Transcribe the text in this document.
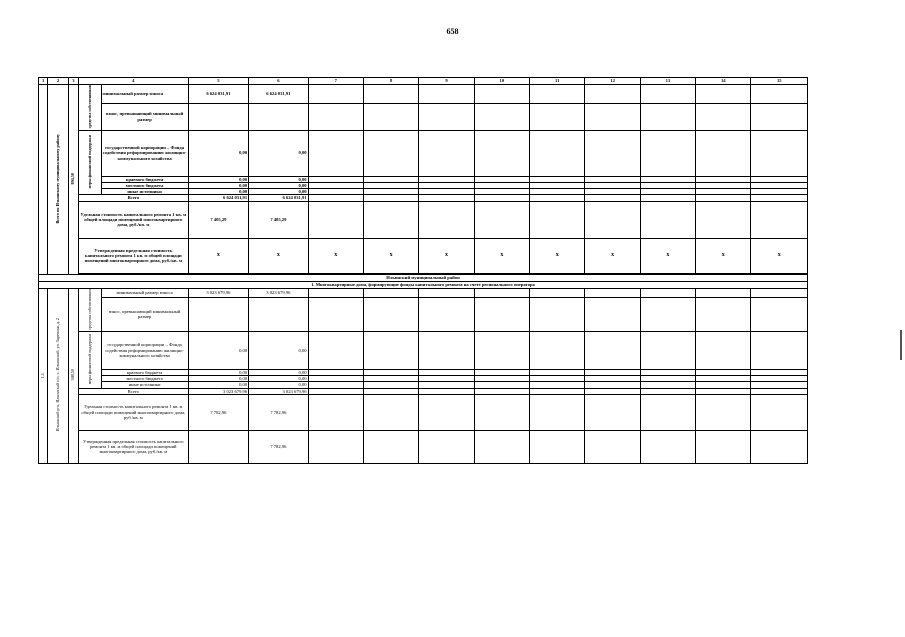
658
1	2	3	4		5	6	7	8	9	10	11	12	13	14	15
	Всего по Ильинскому муниципальному району	894,50	средства собственников	минимальный размер взноса	6 624 031,91	6 624 031,91									
				взнос, превышающий минимальный размер											
			меры финансовой поддержки	государственной корпорации – Фонда содействия реформированию жилищно-коммунального хозяйства	0,00	0,00									
				краевого бюджета	0,00	0,00									
				местного бюджета	0,00	0,00									
				иные источники	0,00	0,00									
			Всего		6 624 031,91	6 624 031,91									
			Удельная стоимость капитального ремонта 1 кв. м общей площади помещений многоквартирного дома, руб./кв. м		7 405,29	7 405,29									
			Утвержденная предельная стоимость капитального ремонта 1 кв. м общей площади помещений многоквартирного дома, руб./кв. м		x	x	x	x	x	x	x	x	x	x	x

Ильинский муниципальный район															
1. Многоквартирные дома, формирующие фонды капитального ремонта на счете регионального оператора															
1.1	Ильинский р-н, Ильинский с/п, с. Ильинский, ул. Заречная, д. 2	388,50	средства собственников	минимальный размер взноса	3 023 679,96	3 023 679,96									
				взнос, превышающий минимальный размер											
			меры финансовой поддержки	государственной корпорации – Фонда содействия реформированию жилищно-коммунального хозяйства	0,00	0,00									
				краевого бюджета	0,00	0,00									
				местного бюджета	0,00	0,00									
				иные источники	0,00	0,00									
			Всего		3 023 679,96	3 023 679,96									
			Удельная стоимость капитального ремонта 1 кв. м общей площади помещений многоквартирного дома, руб./кв. м		7 782,96	7 782,96									
			Утвержденная предельная стоимость капитального ремонта 1 кв. м общей площади помещений многоквартирного дома, руб./кв. м			7 782,96									
